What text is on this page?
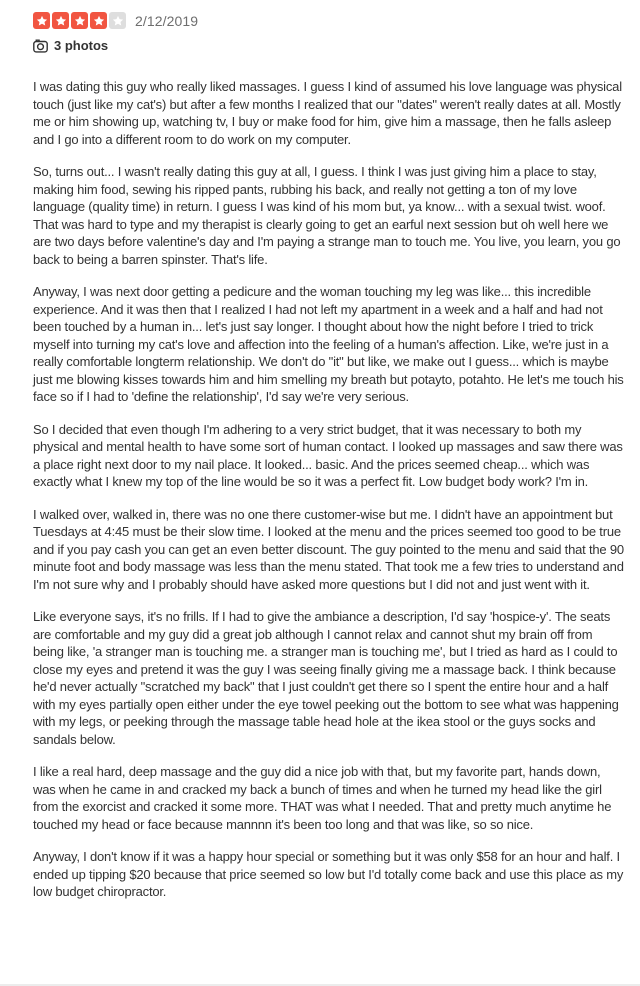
2/12/2019
3 photos

I was dating this guy who really liked massages. I guess I kind of assumed his love language was physical touch (just like my cat's) but after a few months I realized that our "dates" weren't really dates at all. Mostly me or him showing up, watching tv, I buy or make food for him, give him a massage, then he falls asleep and I go into a different room to do work on my computer.

So, turns out... I wasn't really dating this guy at all, I guess. I think I was just giving him a place to stay, making him food, sewing his ripped pants, rubbing his back, and really not getting a ton of my love language (quality time) in return. I guess I was kind of his mom but, ya know... with a sexual twist. woof. That was hard to type and my therapist is clearly going to get an earful next session but oh well here we are two days before valentine's day and I'm paying a strange man to touch me. You live, you learn, you go back to being a barren spinster. That's life.

Anyway, I was next door getting a pedicure and the woman touching my leg was like... this incredible experience. And it was then that I realized I had not left my apartment in a week and a half and had not been touched by a human in... let's just say longer. I thought about how the night before I tried to trick myself into turning my cat's love and affection into the feeling of a human's affection. Like, we're just in a really comfortable longterm relationship. We don't do "it" but like, we make out I guess... which is maybe just me blowing kisses towards him and him smelling my breath but potayto, potahto. He let's me touch his face so if I had to 'define the relationship', I'd say we're very serious.

So I decided that even though I'm adhering to a very strict budget, that it was necessary to both my physical and mental health to have some sort of human contact. I looked up massages and saw there was a place right next door to my nail place. It looked... basic. And the prices seemed cheap... which was exactly what I knew my top of the line would be so it was a perfect fit. Low budget body work? I'm in.

I walked over, walked in, there was no one there customer-wise but me. I didn't have an appointment but Tuesdays at 4:45 must be their slow time. I looked at the menu and the prices seemed too good to be true and if you pay cash you can get an even better discount. The guy pointed to the menu and said that the 90 minute foot and body massage was less than the menu stated. That took me a few tries to understand and I'm not sure why and I probably should have asked more questions but I did not and just went with it.

Like everyone says, it's no frills. If I had to give the ambiance a description, I'd say 'hospice-y'. The seats are comfortable and my guy did a great job although I cannot relax and cannot shut my brain off from being like, 'a stranger man is touching me. a stranger man is touching me', but I tried as hard as I could to close my eyes and pretend it was the guy I was seeing finally giving me a massage back. I think because he'd never actually "scratched my back" that I just couldn't get there so I spent the entire hour and a half with my eyes partially open either under the eye towel peeking out the bottom to see what was happening with my legs, or peeking through the massage table head hole at the ikea stool or the guys socks and sandals below.

I like a real hard, deep massage and the guy did a nice job with that, but my favorite part, hands down, was when he came in and cracked my back a bunch of times and when he turned my head like the girl from the exorcist and cracked it some more. THAT was what I needed. That and pretty much anytime he touched my head or face because mannnn it's been too long and that was like, so so nice.

Anyway, I don't know if it was a happy hour special or something but it was only $58 for an hour and half. I ended up tipping $20 because that price seemed so low but I'd totally come back and use this place as my low budget chiropractor.
